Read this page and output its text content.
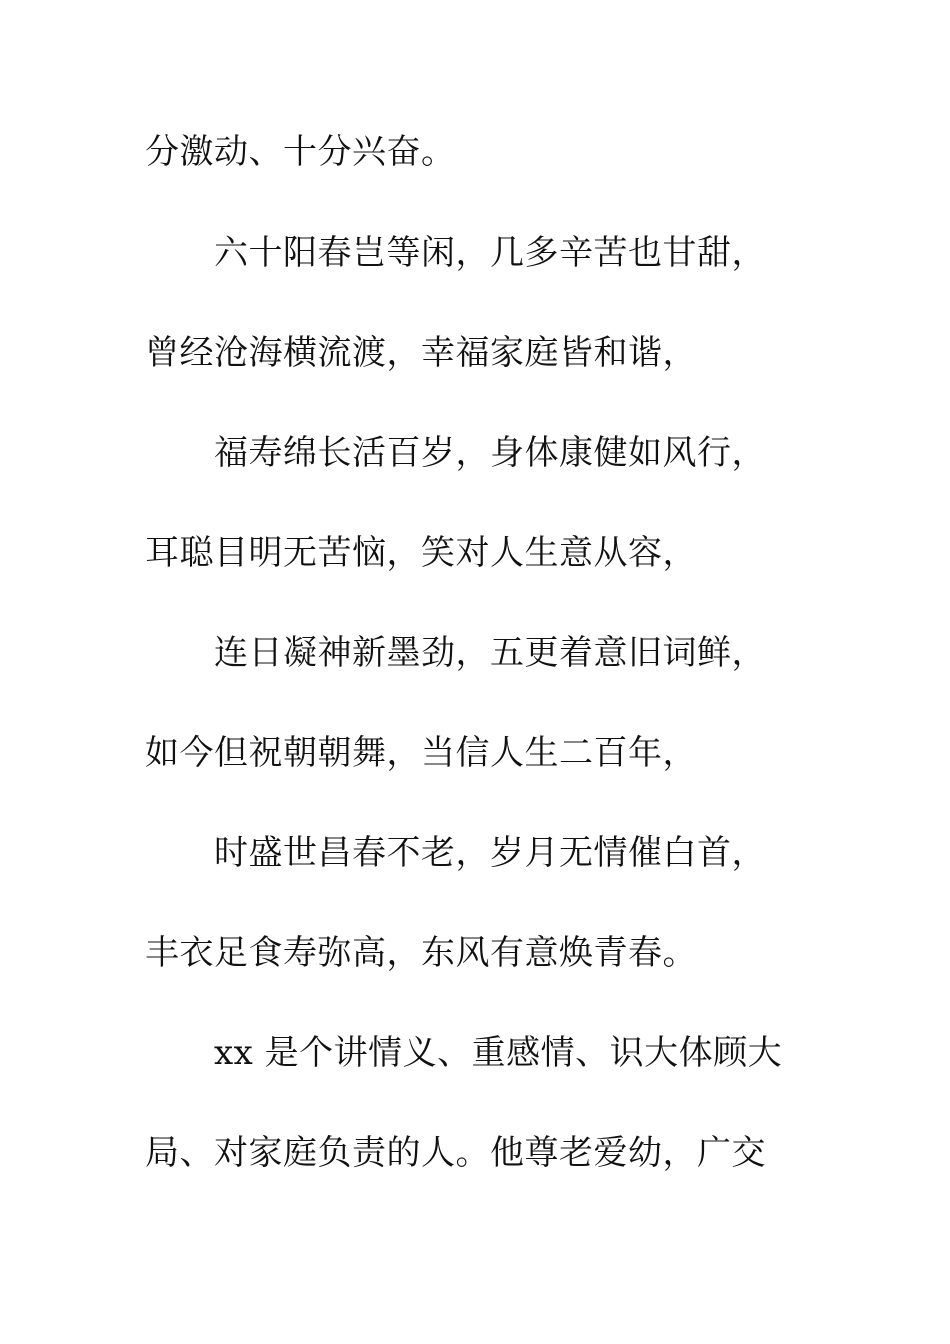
分激动、十分兴奋。
六十阳春岂等闲，几多辛苦也甘甜，
曾经沧海横流渡，幸福家庭皆和谐，
福寿绵长活百岁，身体康健如风行，
耳聪目明无苦恼，笑对人生意从容，
连日凝神新墨劲，五更着意旧词鲜，
如今但祝朝朝舞，当信人生二百年，
时盛世昌春不老，岁月无情催白首，
丰衣足食寿弥高，东风有意焕青春。
xx 是个讲情义、重感情、识大体顾大
局、对家庭负责的人。他尊老爱幼，广交
